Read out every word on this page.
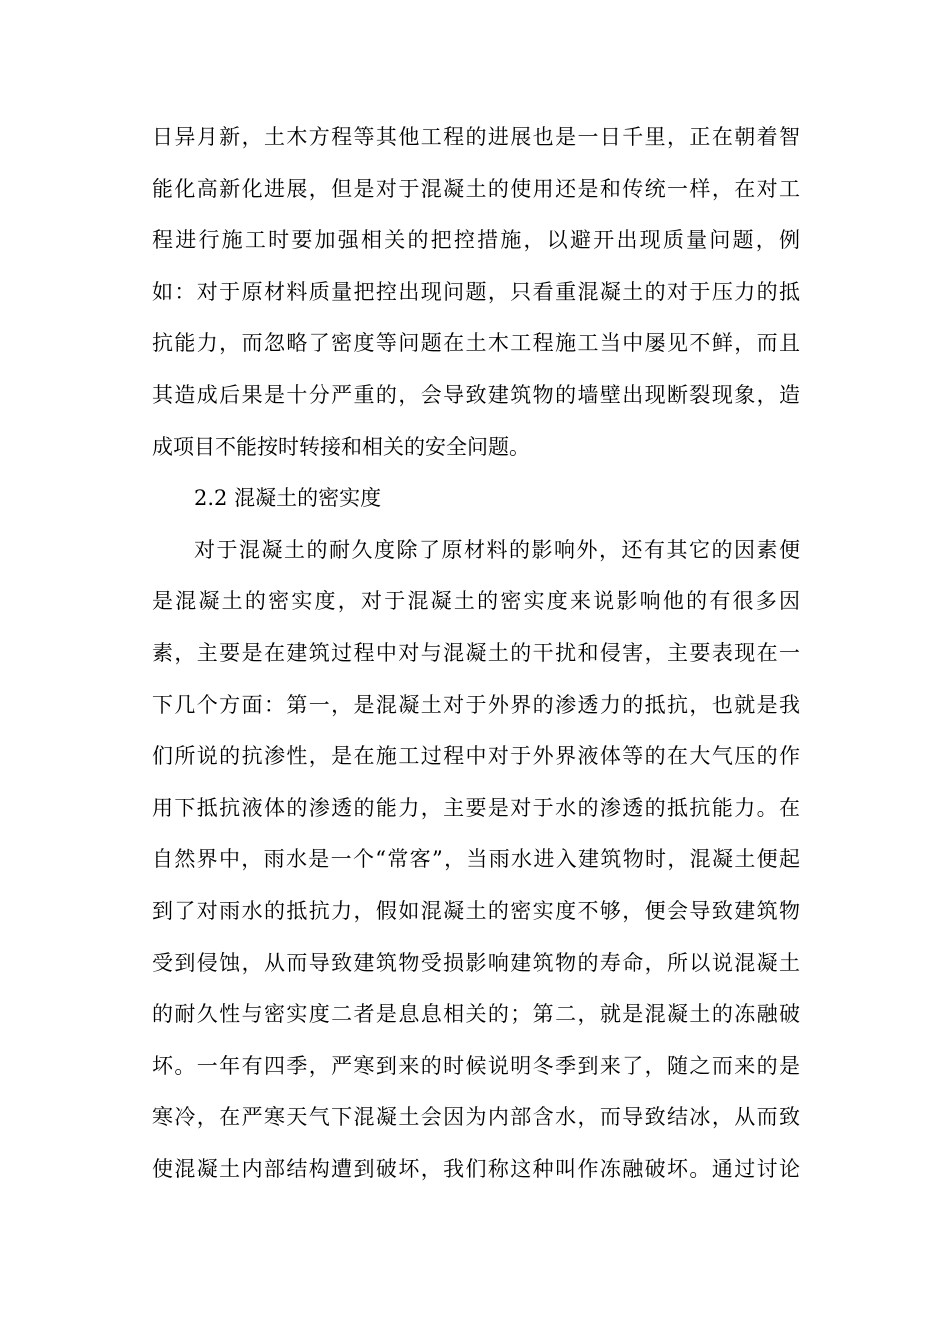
日异月新，土木方程等其他工程的进展也是一日千里，正在朝着智
能化高新化进展，但是对于混凝土的使用还是和传统一样，在对工
程进行施工时要加强相关的把控措施，以避开出现质量问题，例
如：对于原材料质量把控出现问题，只看重混凝土的对于压力的抵
抗能力，而忽略了密度等问题在土木工程施工当中屡见不鲜，而且
其造成后果是十分严重的，会导致建筑物的墙壁出现断裂现象，造
成项目不能按时转接和相关的安全问题。
2.2 混凝土的密实度
对于混凝土的耐久度除了原材料的影响外，还有其它的因素便
是混凝土的密实度，对于混凝土的密实度来说影响他的有很多因
素，主要是在建筑过程中对与混凝土的干扰和侵害，主要表现在一
下几个方面：第一，是混凝土对于外界的渗透力的抵抗，也就是我
们所说的抗渗性，是在施工过程中对于外界液体等的在大气压的作
用下抵抗液体的渗透的能力，主要是对于水的渗透的抵抗能力。在
自然界中，雨水是一个“常客”，当雨水进入建筑物时，混凝土便起
到了对雨水的抵抗力，假如混凝土的密实度不够，便会导致建筑物
受到侵蚀，从而导致建筑物受损影响建筑物的寿命，所以说混凝土
的耐久性与密实度二者是息息相关的；第二，就是混凝土的冻融破
坏。一年有四季，严寒到来的时候说明冬季到来了，随之而来的是
寒冷，在严寒天气下混凝土会因为内部含水，而导致结冰，从而致
使混凝土内部结构遭到破坏，我们称这种叫作冻融破坏。通过讨论
